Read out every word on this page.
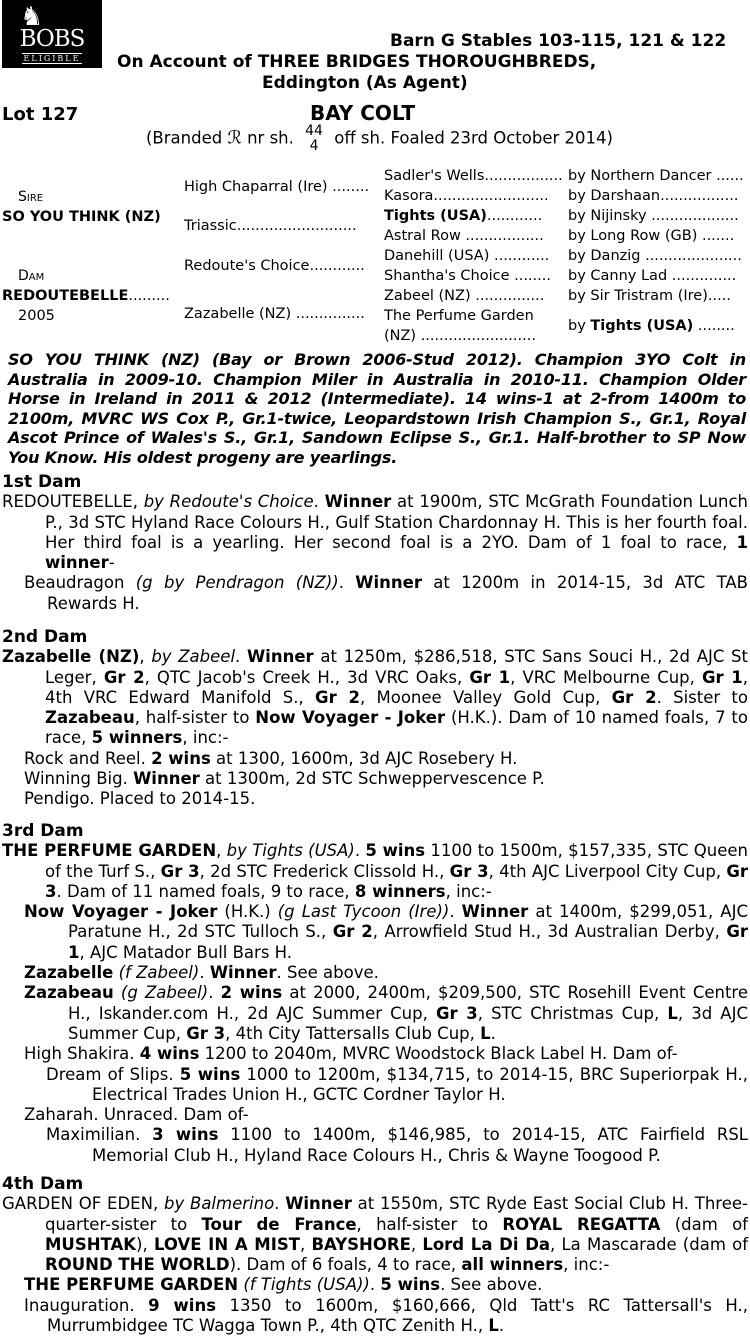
♞
BOBS
ELIGIBLE
Barn G Stables 103-115, 121 & 122
On Account of THREE BRIDGES THOROUGHBREDS,
Eddington (As Agent)
Lot 127	BAY COLT
(Branded ℛ nr sh. 44
4 off sh. Foaled 23rd October 2014)
Sire
SO YOU THINK (NZ)
Dam
REDOUTEBELLE.........
2005
High Chaparral (Ire) ........
Triassic..........................
Redoute's Choice............
Zazabelle (NZ) ...............
Sadler's Wells.................
Kasora.........................
Tights (USA)............
Astral Row .................
Danehill (USA) ............
Shantha's Choice ........
Zabeel (NZ) ...............
The Perfume Garden
(NZ) .........................
by Northern Dancer ......
by Darshaan.................
by Nijinsky ...................
by Long Row (GB) .......
by Danzig .....................
by Canny Lad ..............
by Sir Tristram (Ire).....
by Tights (USA) ........
SO YOU THINK (NZ) (Bay or Brown 2006-Stud 2012). Champion 3YO Colt in Australia in 2009-10. Champion Miler in Australia in 2010-11. Champion Older Horse in Ireland in 2011 & 2012 (Intermediate). 14 wins-1 at 2-from 1400m to 2100m, MVRC WS Cox P., Gr.1-twice, Leopardstown Irish Champion S., Gr.1, Royal Ascot Prince of Wales's S., Gr.1, Sandown Eclipse S., Gr.1. Half-brother to SP Now You Know. His oldest progeny are yearlings.
1st Dam

REDOUTEBELLE, by Redoute's Choice. Winner at 1900m, STC McGrath Foundation Lunch P., 3d STC Hyland Race Colours H., Gulf Station Chardonnay H. This is her fourth foal. Her third foal is a yearling. Her second foal is a 2YO. Dam of 1 foal to race, 1 winner-

Beaudragon (g by Pendragon (NZ)). Winner at 1200m in 2014-15, 3d ATC TAB Rewards H.

2nd Dam

Zazabelle (NZ), by Zabeel. Winner at 1250m, $286,518, STC Sans Souci H., 2d AJC St Leger, Gr 2, QTC Jacob's Creek H., 3d VRC Oaks, Gr 1, VRC Melbourne Cup, Gr 1, 4th VRC Edward Manifold S., Gr 2, Moonee Valley Gold Cup, Gr 2. Sister to Zazabeau, half-sister to Now Voyager - Joker (H.K.). Dam of 10 named foals, 7 to race, 5 winners, inc:-

Rock and Reel. 2 wins at 1300, 1600m, 3d AJC Rosebery H.

Winning Big. Winner at 1300m, 2d STC Schweppervescence P.

Pendigo. Placed to 2014-15.

3rd Dam

THE PERFUME GARDEN, by Tights (USA). 5 wins 1100 to 1500m, $157,335, STC Queen of the Turf S., Gr 3, 2d STC Frederick Clissold H., Gr 3, 4th AJC Liverpool City Cup, Gr 3. Dam of 11 named foals, 9 to race, 8 winners, inc:-

Now Voyager - Joker (H.K.) (g Last Tycoon (Ire)). Winner at 1400m, $299,051, AJC Paratune H., 2d STC Tulloch S., Gr 2, Arrowfield Stud H., 3d Australian Derby, Gr 1, AJC Matador Bull Bars H.

Zazabelle (f Zabeel). Winner. See above.

Zazabeau (g Zabeel). 2 wins at 2000, 2400m, $209,500, STC Rosehill Event Centre H., Iskander.com H., 2d AJC Summer Cup, Gr 3, STC Christmas Cup, L, 3d AJC Summer Cup, Gr 3, 4th City Tattersalls Club Cup, L.

High Shakira. 4 wins 1200 to 2040m, MVRC Woodstock Black Label H. Dam of-

Dream of Slips. 5 wins 1000 to 1200m, $134,715, to 2014-15, BRC Superiorpak H., Electrical Trades Union H., GCTC Cordner Taylor H.

Zaharah. Unraced. Dam of-

Maximilian. 3 wins 1100 to 1400m, $146,985, to 2014-15, ATC Fairfield RSL Memorial Club H., Hyland Race Colours H., Chris & Wayne Toogood P.

4th Dam

GARDEN OF EDEN, by Balmerino. Winner at 1550m, STC Ryde East Social Club H. Three-quarter-sister to Tour de France, half-sister to ROYAL REGATTA (dam of MUSHTAK), LOVE IN A MIST, BAYSHORE, Lord La Di Da, La Mascarade (dam of ROUND THE WORLD). Dam of 6 foals, 4 to race, all winners, inc:-

THE PERFUME GARDEN (f Tights (USA)). 5 wins. See above.

Inauguration. 9 wins 1350 to 1600m, $160,666, Qld Tatt's RC Tattersall's H., Murrumbidgee TC Wagga Town P., 4th QTC Zenith H., L.
